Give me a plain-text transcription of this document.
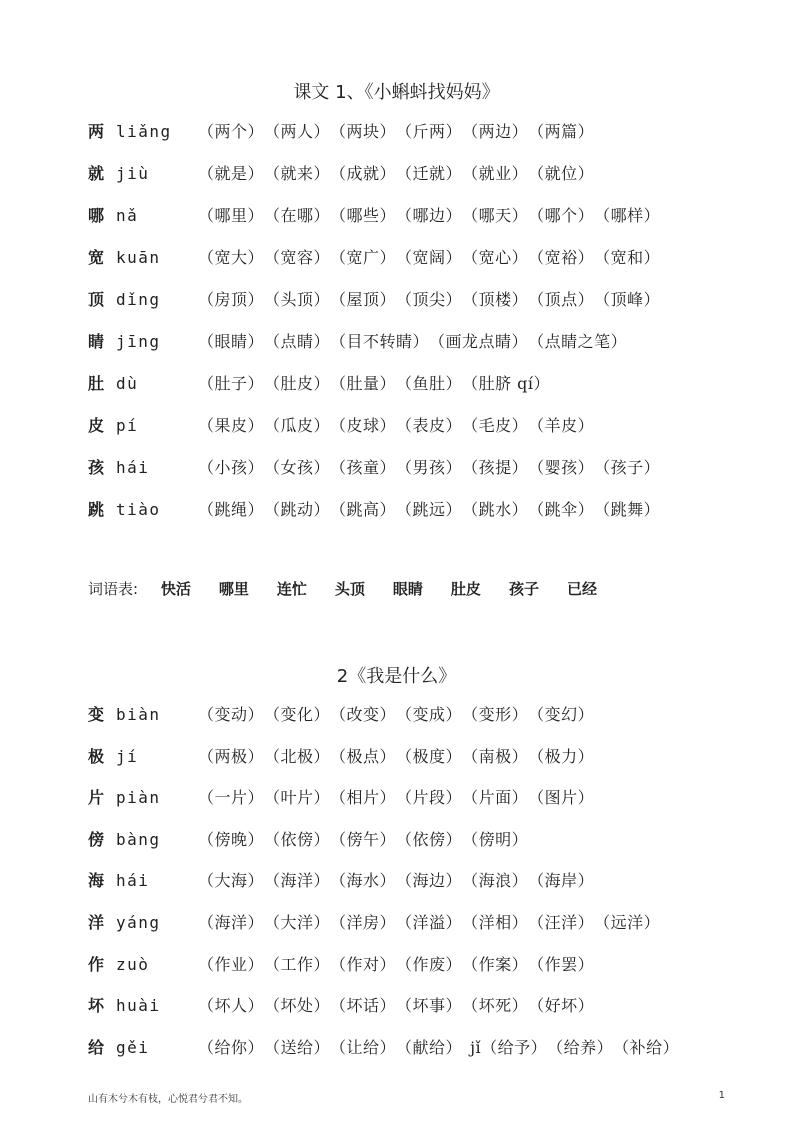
课文 1、《小蝌蚪找妈妈》
两 liǎng （两个） （两人） （两块） （斤两） （两边） （两篇）
就 jiù	（就是） （就来） （成就） （迁就） （就业） （就位）
哪 nǎ	（哪里） （在哪） （哪些） （哪边） （哪天） （哪个） （哪样）
宽 kuān （宽大） （宽容） （宽广） （宽阔） （宽心） （宽裕） （宽和）
顶 dǐng （房顶） （头顶） （屋顶） （顶尖） （顶楼） （顶点） （顶峰）
睛 jīng （眼睛） （点睛） （目不转睛） （画龙点睛） （点睛之笔）
肚 dù	（肚子） （肚皮） （肚量） （鱼肚） （肚脐 qí）
皮 pí	（果皮） （瓜皮） （皮球） （表皮） （毛皮） （羊皮）
孩 hái	（小孩） （女孩） （孩童） （男孩） （孩提） （婴孩） （孩子）
跳 tiào （跳绳） （跳动） （跳高） （跳远） （跳水） （跳伞） （跳舞）
词语表: 快活 哪里 连忙 头顶 眼睛 肚皮 孩子 已经
2《我是什么》
变 biàn （变动） （变化） （改变） （变成） （变形） （变幻）
极 jí	（两极） （北极） （极点） （极度） （南极） （极力）
片 piàn （一片） （叶片） （相片） （片段） （片面） （图片）
傍 bàng （傍晚） （依傍） （傍午） （依傍） （傍明）
海 hái	（大海） （海洋） （海水） （海边） （海浪） （海岸）
洋 yáng （海洋） （大洋） （洋房） （洋溢） （洋相） （汪洋） （远洋）
作 zuò	（作业） （工作） （作对） （作废） （作案） （作罢）
坏 huài （坏人） （坏处） （坏话） （坏事） （坏死） （好坏）
给 gěi	（给你） （送给） （让给） （献给） jǐ（给予） （给养） （补给）
山有木兮木有枝，心悦君兮君不知。	1
